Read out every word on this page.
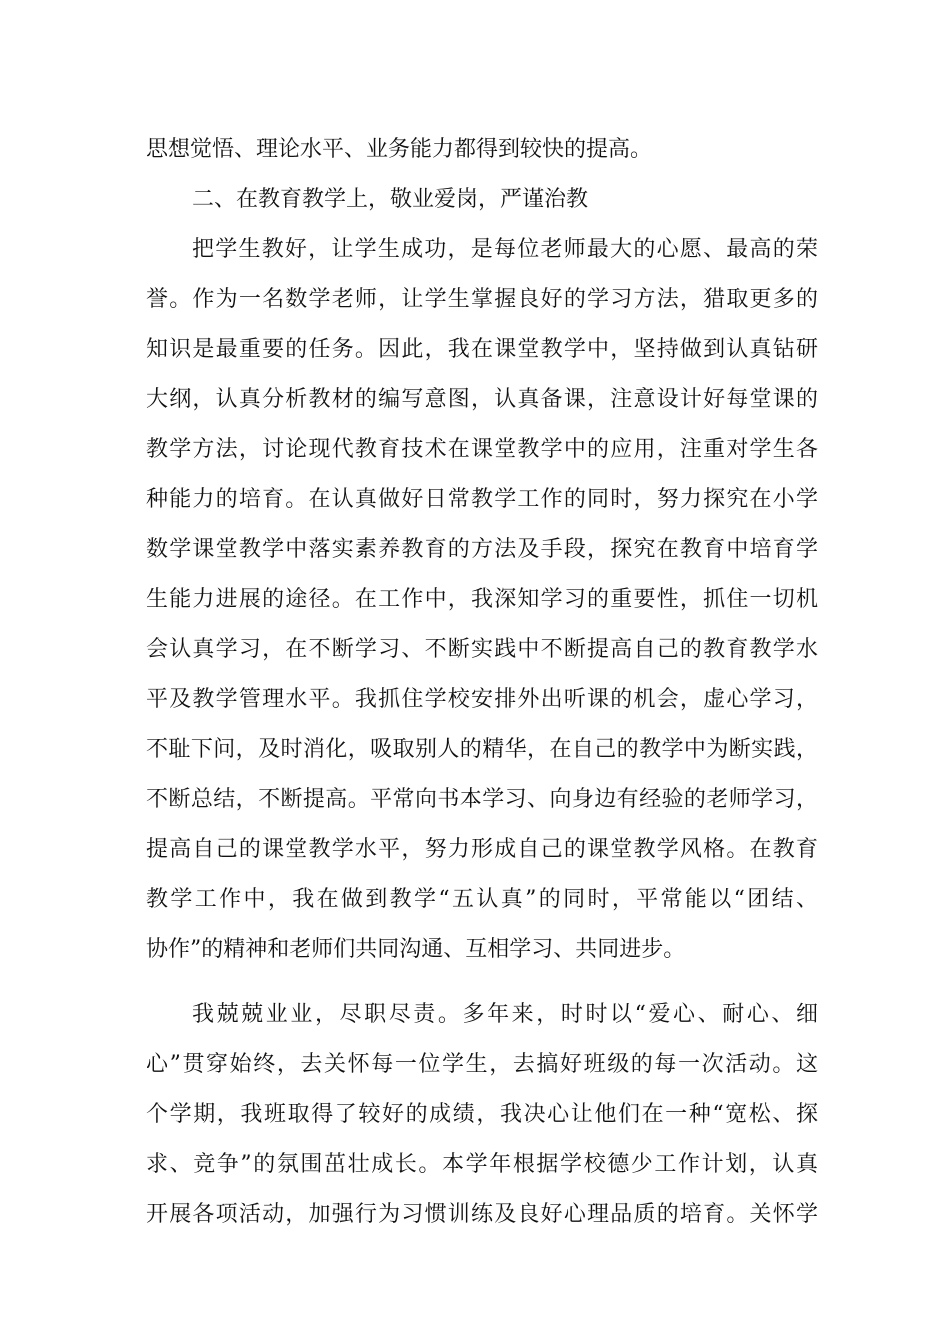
思想觉悟、理论水平、业务能力都得到较快的提高。
二、在教育教学上，敬业爱岗，严谨治教
把学生教好，让学生成功，是每位老师最大的心愿、最高的荣
誉。作为一名数学老师，让学生掌握良好的学习方法，猎取更多的
知识是最重要的任务。因此，我在课堂教学中，坚持做到认真钻研
大纲，认真分析教材的编写意图，认真备课，注意设计好每堂课的
教学方法，讨论现代教育技术在课堂教学中的应用，注重对学生各
种能力的培育。在认真做好日常教学工作的同时，努力探究在小学
数学课堂教学中落实素养教育的方法及手段，探究在教育中培育学
生能力进展的途径。在工作中，我深知学习的重要性，抓住一切机
会认真学习，在不断学习、不断实践中不断提高自己的教育教学水
平及教学管理水平。我抓住学校安排外出听课的机会，虚心学习，
不耻下问，及时消化，吸取别人的精华，在自己的教学中为断实践，
不断总结，不断提高。平常向书本学习、向身边有经验的老师学习，
提高自己的课堂教学水平，努力形成自己的课堂教学风格。在教育
教学工作中，我在做到教学“五认真”的同时，平常能以“团结、
协作”的精神和老师们共同沟通、互相学习、共同进步。
我兢兢业业，尽职尽责。多年来，时时以“爱心、耐心、细
心”贯穿始终，去关怀每一位学生，去搞好班级的每一次活动。这
个学期，我班取得了较好的成绩，我决心让他们在一种“宽松、探
求、竞争”的氛围茁壮成长。本学年根据学校德少工作计划，认真
开展各项活动，加强行为习惯训练及良好心理品质的培育。关怀学
